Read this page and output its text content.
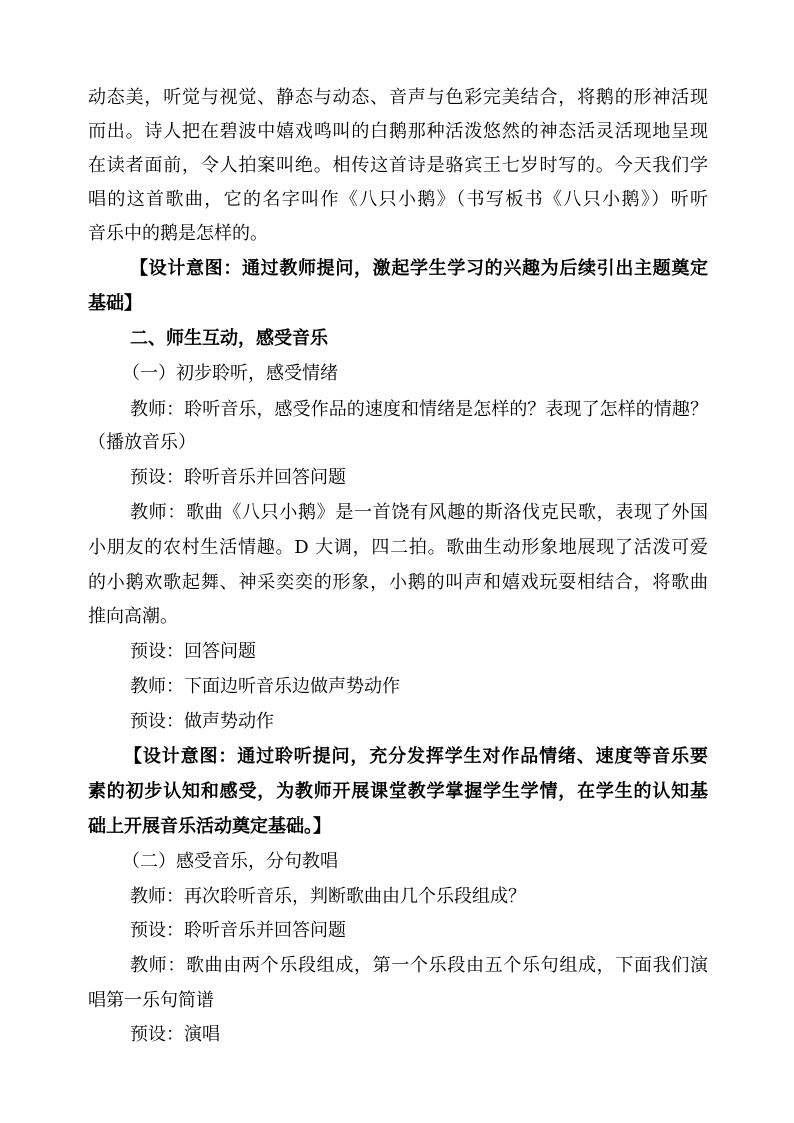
动态美，听觉与视觉、静态与动态、音声与色彩完美结合，将鹅的形神活现
而出。诗人把在碧波中嬉戏鸣叫的白鹅那种活泼悠然的神态活灵活现地呈现
在读者面前，令人拍案叫绝。相传这首诗是骆宾王七岁时写的。今天我们学
唱的这首歌曲，它的名字叫作《八只小鹅》（书写板书《八只小鹅》）听听
音乐中的鹅是怎样的。
【设计意图：通过教师提问，激起学生学习的兴趣为后续引出主题奠定
基础】
二、师生互动，感受音乐
（一）初步聆听，感受情绪
教师：聆听音乐，感受作品的速度和情绪是怎样的？表现了怎样的情趣？
（播放音乐）
预设：聆听音乐并回答问题
教师：歌曲《八只小鹅》是一首饶有风趣的斯洛伐克民歌，表现了外国
小朋友的农村生活情趣。D 大调，四二拍。歌曲生动形象地展现了活泼可爱
的小鹅欢歌起舞、神采奕奕的形象，小鹅的叫声和嬉戏玩耍相结合，将歌曲
推向高潮。
预设：回答问题
教师：下面边听音乐边做声势动作
预设：做声势动作
【设计意图：通过聆听提问，充分发挥学生对作品情绪、速度等音乐要
素的初步认知和感受，为教师开展课堂教学掌握学生学情，在学生的认知基
础上开展音乐活动奠定基础。】
（二）感受音乐，分句教唱
教师：再次聆听音乐，判断歌曲由几个乐段组成？
预设：聆听音乐并回答问题
教师：歌曲由两个乐段组成，第一个乐段由五个乐句组成，下面我们演
唱第一乐句简谱
预设：演唱
